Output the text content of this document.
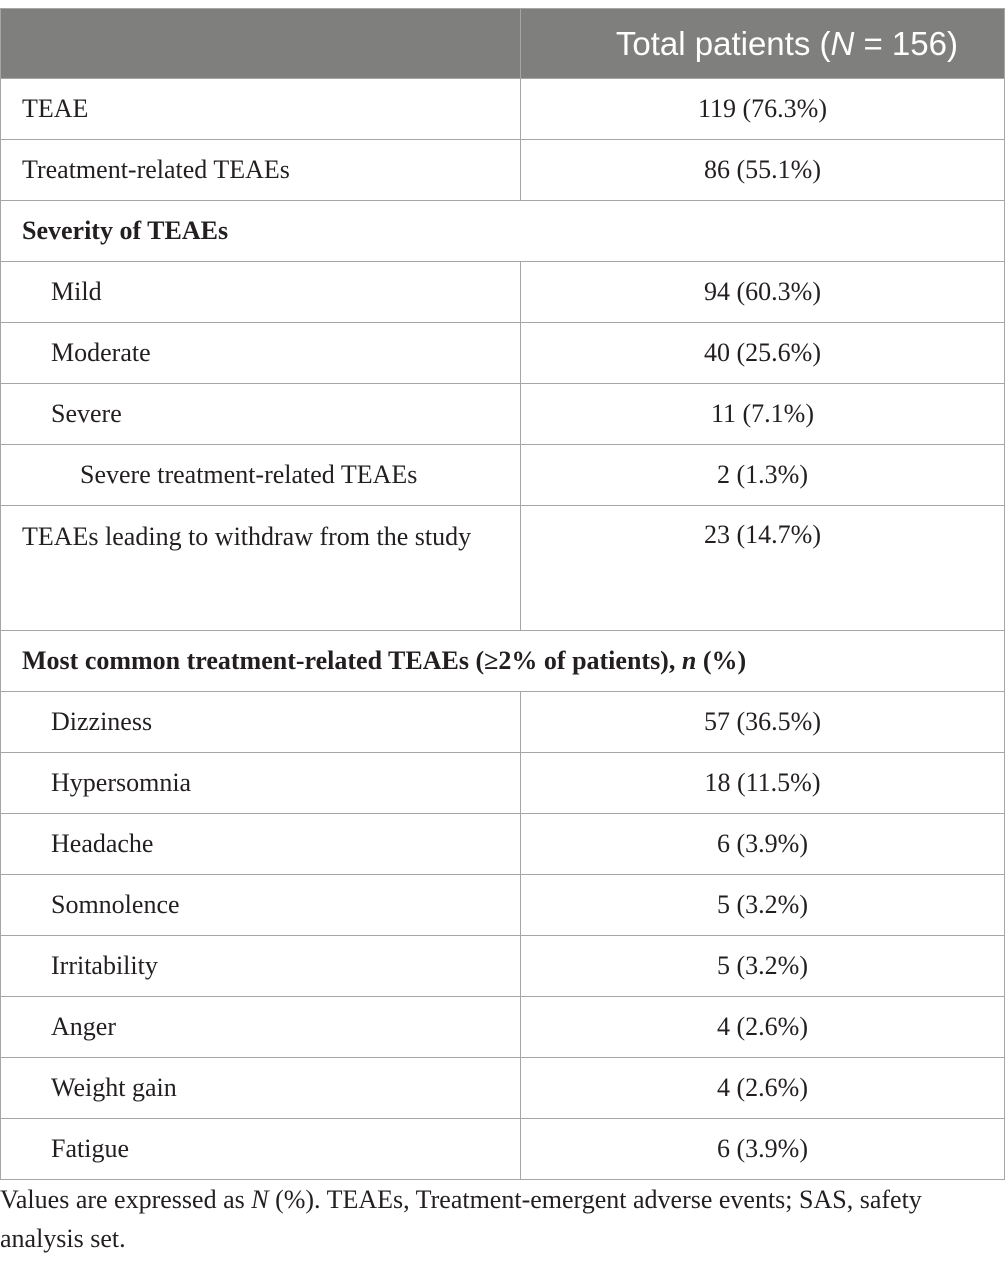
	Total patients (N = 156)
TEAE	119 (76.3%)
Treatment-related TEAEs	86 (55.1%)
Severity of TEAEs	
Mild	94 (60.3%)
Moderate	40 (25.6%)
Severe	11 (7.1%)
Severe treatment-related TEAEs	2 (1.3%)
TEAEs leading to withdraw from the study	23 (14.7%)
Most common treatment-related TEAEs (≥2% of patients), n (%)	
Dizziness	57 (36.5%)
Hypersomnia	18 (11.5%)
Headache	6 (3.9%)
Somnolence	5 (3.2%)
Irritability	5 (3.2%)
Anger	4 (2.6%)
Weight gain	4 (2.6%)
Fatigue	6 (3.9%)
Values are expressed as N (%). TEAEs, Treatment-emergent adverse events; SAS, safety analysis set.
